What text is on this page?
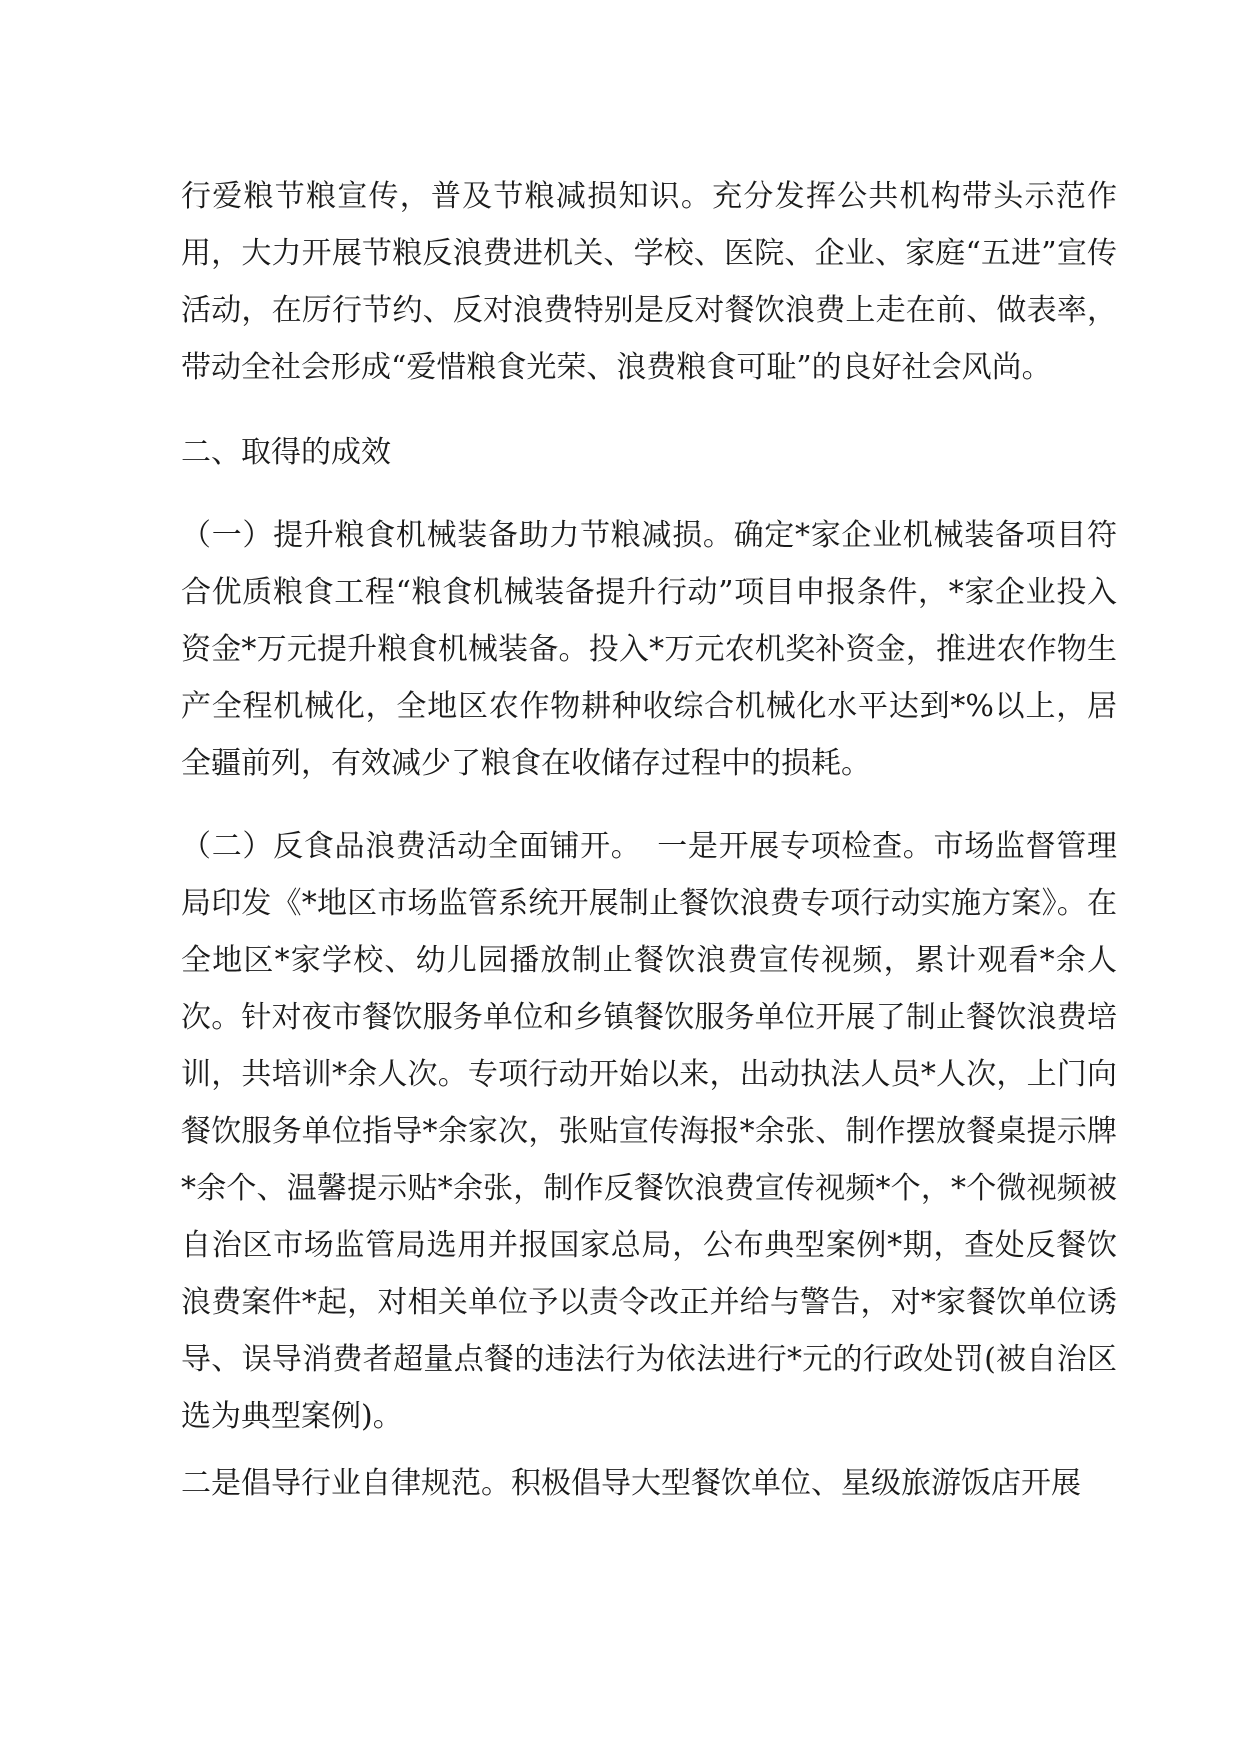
行爱粮节粮宣传，普及节粮减损知识。充分发挥公共机构带头示范作用，大力开展节粮反浪费进机关、学校、医院、企业、家庭“五进”宣传活动，在厉行节约、反对浪费特别是反对餐饮浪费上走在前、做表率，带动全社会形成“爱惜粮食光荣、浪费粮食可耻”的良好社会风尚。

二、取得的成效

（一）提升粮食机械装备助力节粮减损。确定*家企业机械装备项目符合优质粮食工程“粮食机械装备提升行动”项目申报条件，*家企业投入资金*万元提升粮食机械装备。投入*万元农机奖补资金，推进农作物生产全程机械化，全地区农作物耕种收综合机械化水平达到*%以上，居全疆前列，有效减少了粮食在收储存过程中的损耗。

（二）反食品浪费活动全面铺开。　一是开展专项检查。市场监督管理局印发《*地区市场监管系统开展制止餐饮浪费专项行动实施方案》。在全地区*家学校、幼儿园播放制止餐饮浪费宣传视频，累计观看*余人次。针对夜市餐饮服务单位和乡镇餐饮服务单位开展了制止餐饮浪费培训，共培训*余人次。专项行动开始以来，出动执法人员*人次，上门向餐饮服务单位指导*余家次，张贴宣传海报*余张、制作摆放餐桌提示牌*余个、温馨提示贴*余张，制作反餐饮浪费宣传视频*个，*个微视频被自治区市场监管局选用并报国家总局，公布典型案例*期，查处反餐饮浪费案件*起，对相关单位予以责令改正并给与警告，对*家餐饮单位诱导、误导消费者超量点餐的违法行为依法进行*元的行政处罚(被自治区选为典型案例)。

二是倡导行业自律规范。积极倡导大型餐饮单位、星级旅游饭店开展
